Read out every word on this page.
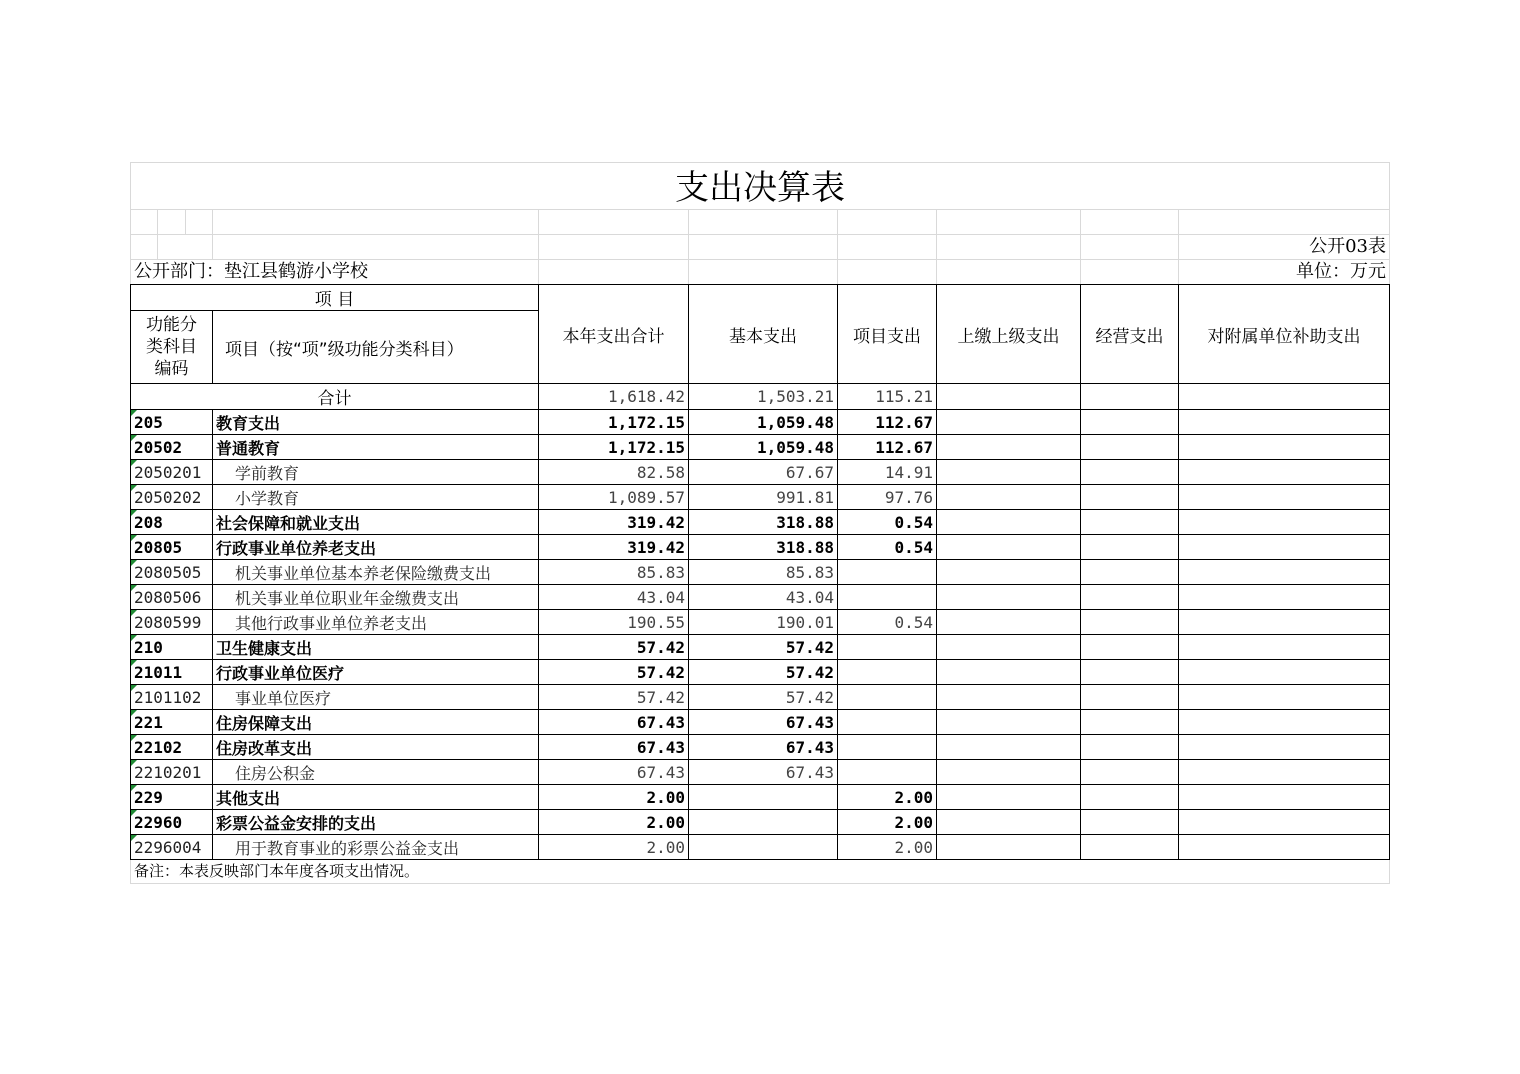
支出决算表
公开03表
公开部门：垫江县鹤游小学校	单位：万元
项 目		本年支出合计	基本支出	项目支出	上缴上级支出	经营支出	对附属单位补助支出
功能分类科目编码	项目（按“项”级功能分类科目）						
合计		1,618.42	1,503.21	115.21			

205	教育支出	1,172.15	1,059.48	112.67			

20502	普通教育	1,172.15	1,059.48	112.67			

2050201	学前教育	82.58	67.67	14.91			

2050202	小学教育	1,089.57	991.81	97.76			

208	社会保障和就业支出	319.42	318.88	0.54			

20805	行政事业单位养老支出	319.42	318.88	0.54			

2080505	机关事业单位基本养老保险缴费支出	85.83	85.83				

2080506	机关事业单位职业年金缴费支出	43.04	43.04				

2080599	其他行政事业单位养老支出	190.55	190.01	0.54			

210	卫生健康支出	57.42	57.42				

21011	行政事业单位医疗	57.42	57.42				

2101102	事业单位医疗	57.42	57.42				

221	住房保障支出	67.43	67.43				

22102	住房改革支出	67.43	67.43				

2210201	住房公积金	67.43	67.43				

229	其他支出	2.00		2.00			

22960	彩票公益金安排的支出	2.00		2.00			

2296004	用于教育事业的彩票公益金支出	2.00		2.00			
备注：本表反映部门本年度各项支出情况。
